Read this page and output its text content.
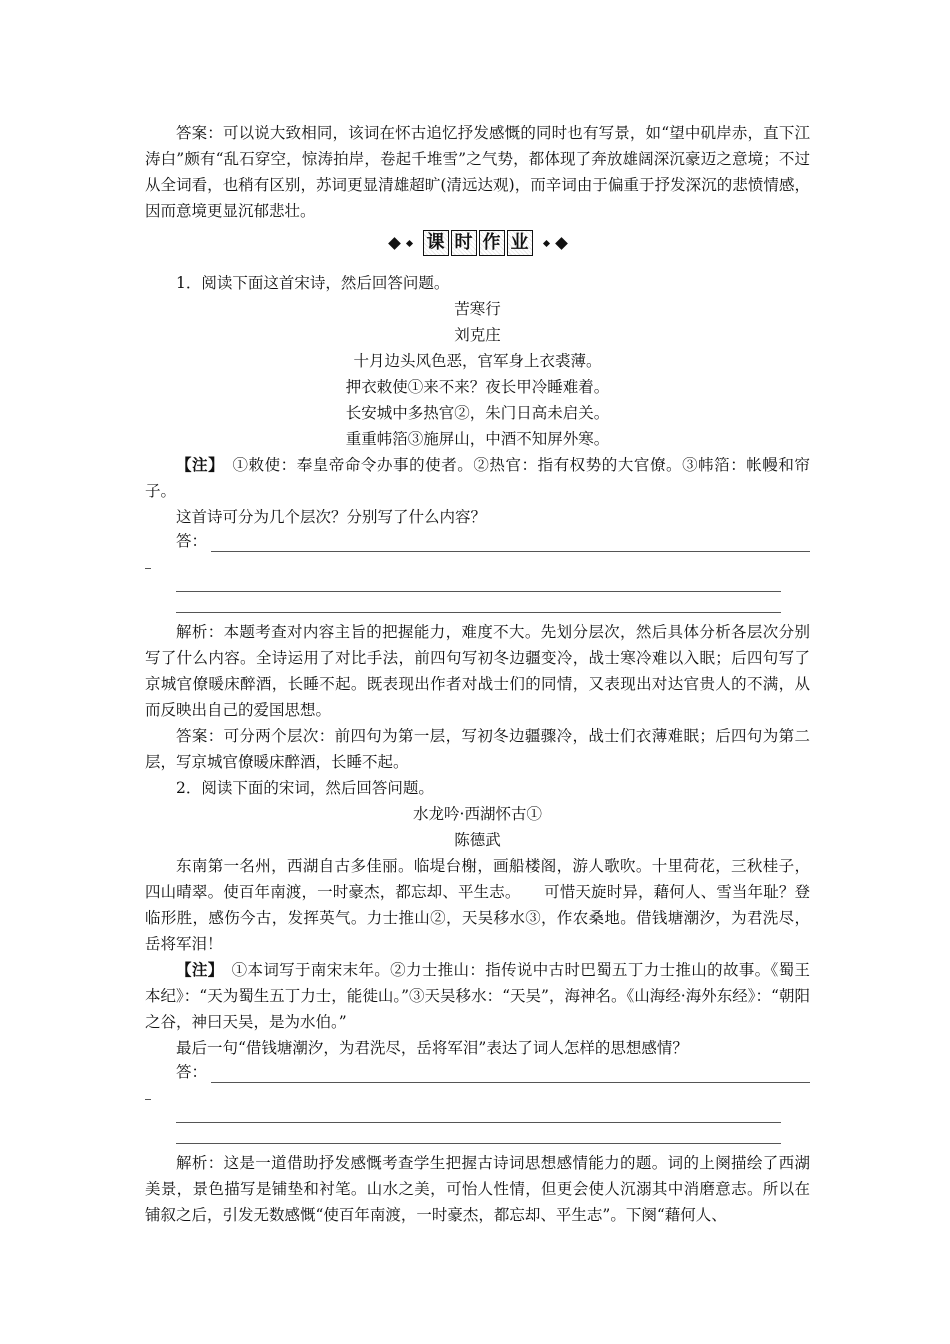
答案：可以说大致相同，该词在怀古追忆抒发感慨的同时也有写景，如“望中矶岸赤，直下江涛白”颇有“乱石穿空，惊涛拍岸，卷起千堆雪”之气势，都体现了奔放雄阔深沉豪迈之意境；不过从全词看，也稍有区别，苏词更显清雄超旷(清远达观)，而辛词由于偏重于抒发深沉的悲愤情感，因而意境更显沉郁悲壮。

课 时 作 业

1．阅读下面这首宋诗，然后回答问题。

苦寒行

刘克庄

十月边头风色恶，官军身上衣裘薄。

押衣敕使①来不来？夜长甲冷睡难着。

长安城中多热官②，朱门日高未启关。

重重帏箔③施屏山，中酒不知屏外寒。

【注】　 ①敕使：奉皇帝命令办事的使者。②热官：指有权势的大官僚。③帏箔：帐幔和帘子。

这首诗可分为几个层次？分别写了什么内容？

答：

解析：本题考查对内容主旨的把握能力，难度不大。先划分层次，然后具体分析各层次分别写了什么内容。全诗运用了对比手法，前四句写初冬边疆变冷，战士寒冷难以入眠；后四句写了京城官僚暖床醉酒，长睡不起。既表现出作者对战士们的同情，又表现出对达官贵人的不满，从而反映出自己的爱国思想。

答案：可分两个层次：前四句为第一层，写初冬边疆骤冷，战士们衣薄难眠；后四句为第二层，写京城官僚暖床醉酒，长睡不起。

2．阅读下面的宋词，然后回答问题。

水龙吟·西湖怀古①

陈德武

东南第一名州，西湖自古多佳丽。临堤台榭，画船楼阁，游人歌吹。十里荷花，三秋桂子，四山晴翠。使百年南渡，一时豪杰，都忘却、平生志。　　可惜天旋时异，藉何人、雪当年耻？登临形胜，感伤今古，发挥英气。力士推山②，天吴移水③，作农桑地。借钱塘潮汐，为君洗尽，岳将军泪！

【注】　 ①本词写于南宋末年。②力士推山：指传说中古时巴蜀五丁力士推山的故事。《蜀王本纪》：“天为蜀生五丁力士，能徙山。”③天吴移水：“天吴”，海神名。《山海经·海外东经》：“朝阳之谷，神曰天吴，是为水伯。”

最后一句“借钱塘潮汐，为君洗尽，岳将军泪”表达了词人怎样的思想感情？

答：

解析：这是一道借助抒发感慨考查学生把握古诗词思想感情能力的题。词的上阕描绘了西湖美景，景色描写是铺垫和衬笔。山水之美，可怡人性情，但更会使人沉溺其中消磨意志。所以在铺叙之后，引发无数感慨“使百年南渡，一时豪杰，都忘却、平生志”。下阕“藉何人、
